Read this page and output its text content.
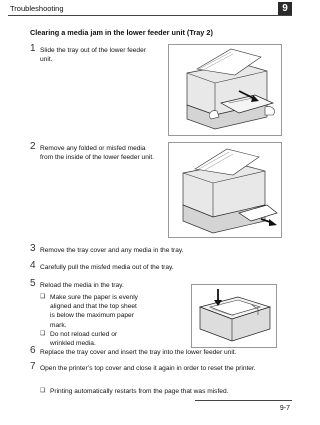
Troubleshooting	9
Clearing a media jam in the lower feeder unit (Tray 2)
1 Slide the tray out of the lower feeder unit.
2 Remove any folded or misfed media from the inside of the lower feeder unit.
3 Remove the tray cover and any media in the tray.
4 Carefully pull the misfed media out of the tray.
5 Reload the media in the tray.
❑ Make sure the paper is evenly aligned and that the top sheet is below the maximum paper mark.
❑ Do not reload curled or wrinkled media.
6 Replace the tray cover and insert the tray into the lower feeder unit.
7 Open the printer’s top cover and close it again in order to reset the printer.
❑ Printing automatically restarts from the page that was misfed.
9-7
